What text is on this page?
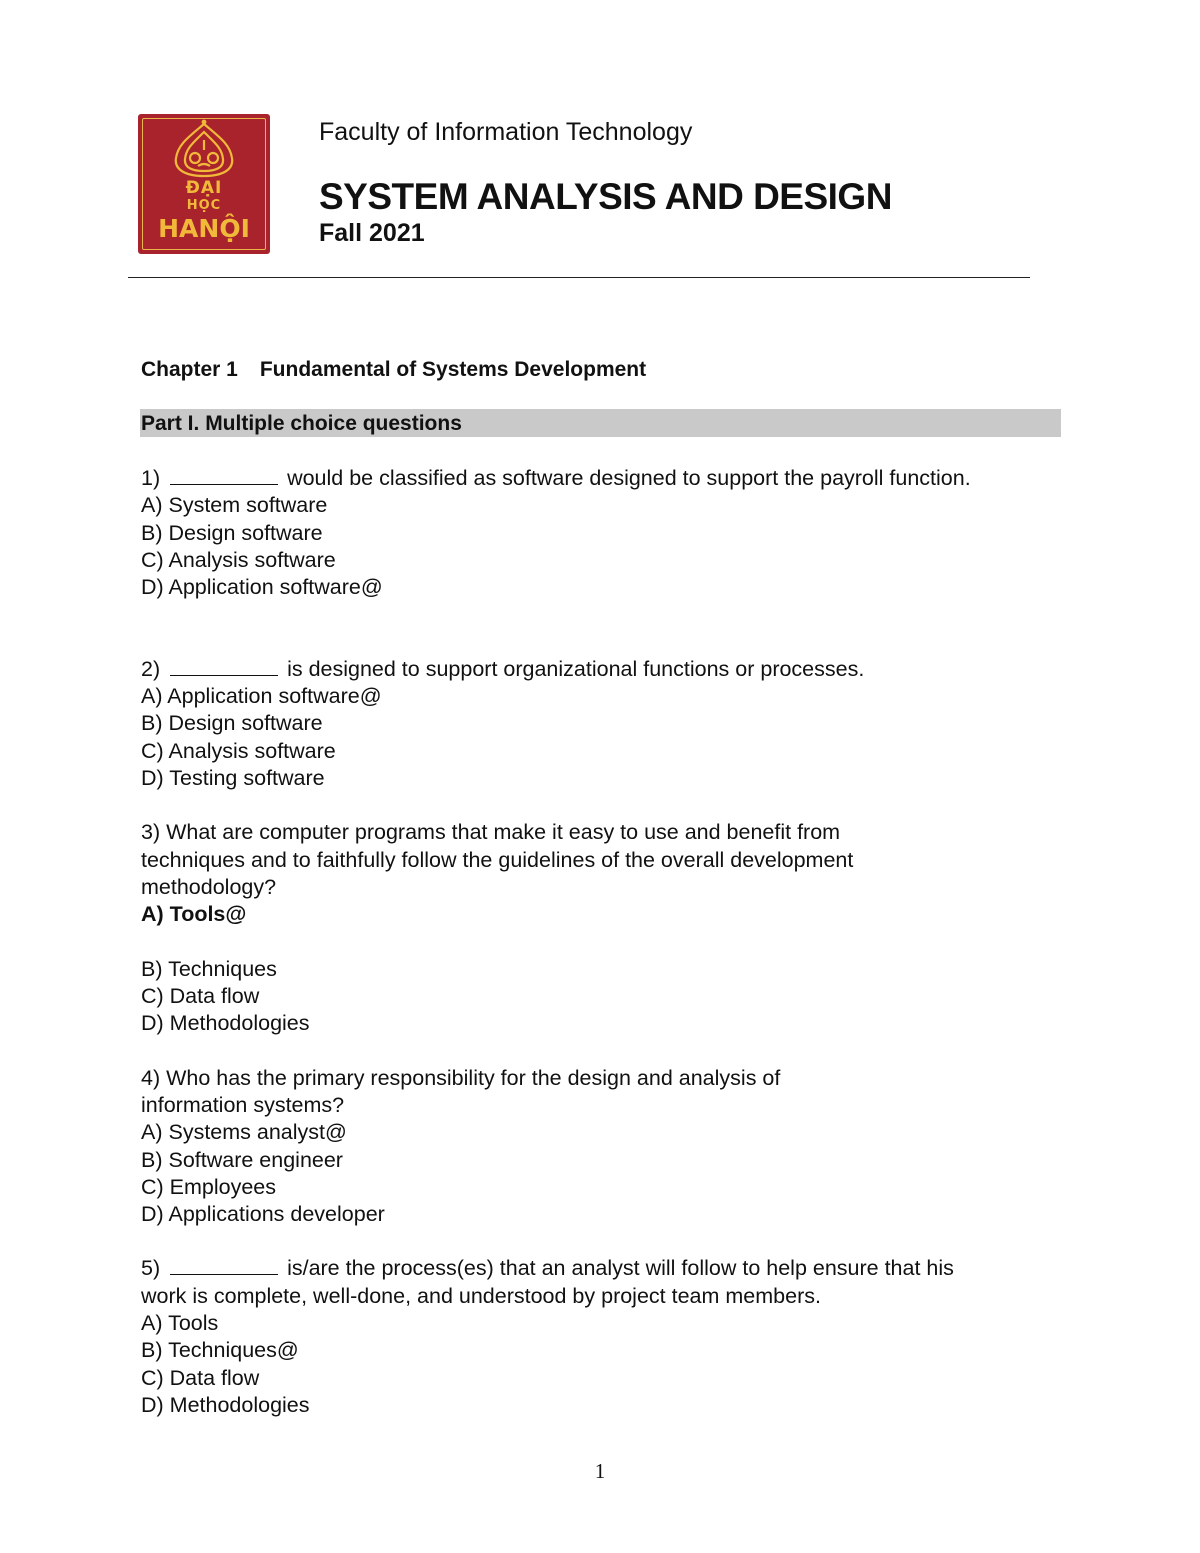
ĐẠI
HỌC
HANỘI
Faculty of Information Technology
SYSTEM ANALYSIS AND DESIGN
Fall 2021
Chapter 1 Fundamental of Systems Development
Part I. Multiple choice questions
1)	would be classified as software designed to support the payroll function.
A) System software
B) Design software
C) Analysis software
D) Application software@
2)	is designed to support organizational functions or processes.
A) Application software@
B) Design software
C) Analysis software
D) Testing software
3) What are computer programs that make it easy to use and benefit from
techniques and to faithfully follow the guidelines of the overall development
methodology?
A) Tools@
B) Techniques
C) Data flow
D) Methodologies
4) Who has the primary responsibility for the design and analysis of
information systems?
A) Systems analyst@
B) Software engineer
C) Employees
D) Applications developer
5)	is/are the process(es) that an analyst will follow to help ensure that his
work is complete, well-done, and understood by project team members.
A) Tools
B) Techniques@
C) Data flow
D) Methodologies
1
